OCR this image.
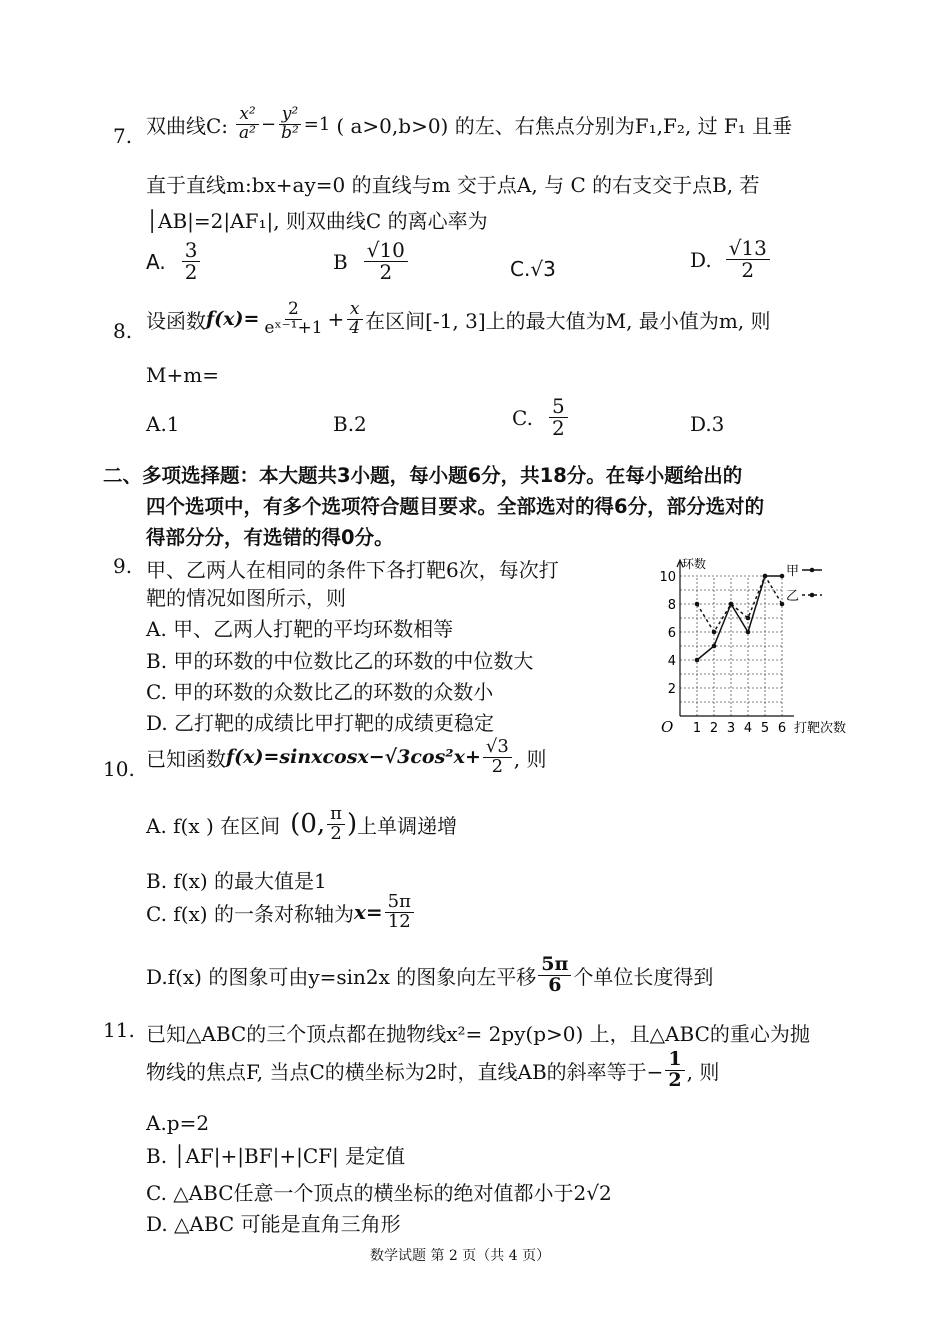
7. 双曲线C: $\frac{\text{x²}}{\text{a²}} - \frac{\text{y²}}{\text{b²}} =1$ ( a>0,b>0) 的左、右焦点分别为F₁,F₂, 过 F₁ 且垂
直于直线m:bx+ay=0 的直线与m 交于点A, 与 C 的右支交于点B, 若
│AB|=2|AF₁|, 则双曲线C 的离心率为
A. $\frac{3}{2}$	B $\frac{√10}{2}$	C.√3	D. $\frac{√13}{2}$
8. 设函数 $f(x)= \frac{2}{\text{eˣ⁻¹+1}} + \frac{x}{4}$ 在区间[-1, 3]上的最大值为M, 最小值为m, 则
M+m=
A.1	B.2	C. $\frac{5}{2}$	D.3
二、多项选择题：本大题共3小题，每小题6分，共18分。在每小题给出的
四个选项中，有多个选项符合题目要求。全部选对的得6分，部分选对的
得部分分，有选错的得0分。
9. 甲、乙两人在相同的条件下各打靶6次，每次打
靶的情况如图所示，则
A. 甲、乙两人打靶的平均环数相等
B. 甲的环数的中位数比乙的环数的中位数大
C. 甲的环数的众数比乙的环数的众数小
D. 乙打靶的成绩比甲打靶的成绩更稳定	1 2 3 4 5 6
2
4
6
8
10
O
环数
打靶次数
甲
乙
10. 已知函数 f(x)=sinxcosx−√3cos²x+ $\frac{√3}{2}$ , 则
A. f(x ) 在区间 (0, $\frac{\pi}{2}$ ) 上单调递增
B. f(x) 的最大值是1
C. f(x) 的一条对称轴为 $x= \frac{5\pi}{12}$
D.f(x) 的图象可由y=sin2x 的图象向左平移 $\frac{5\pi}{6}$ 个单位长度得到
11. 已知△ABC的三个顶点都在抛物线x²= 2py(p>0) 上，且△ABC的重心为抛
物线的焦点F, 当点C的横坐标为2时，直线AB的斜率等于− $\frac{1}{2}$ , 则
A.p=2
B. │AF|+|BF|+|CF| 是定值
C. △ABC任意一个顶点的横坐标的绝对值都小于2√2
D. △ABC 可能是直角三角形
数学试题 第 2 页（共 4 页）
